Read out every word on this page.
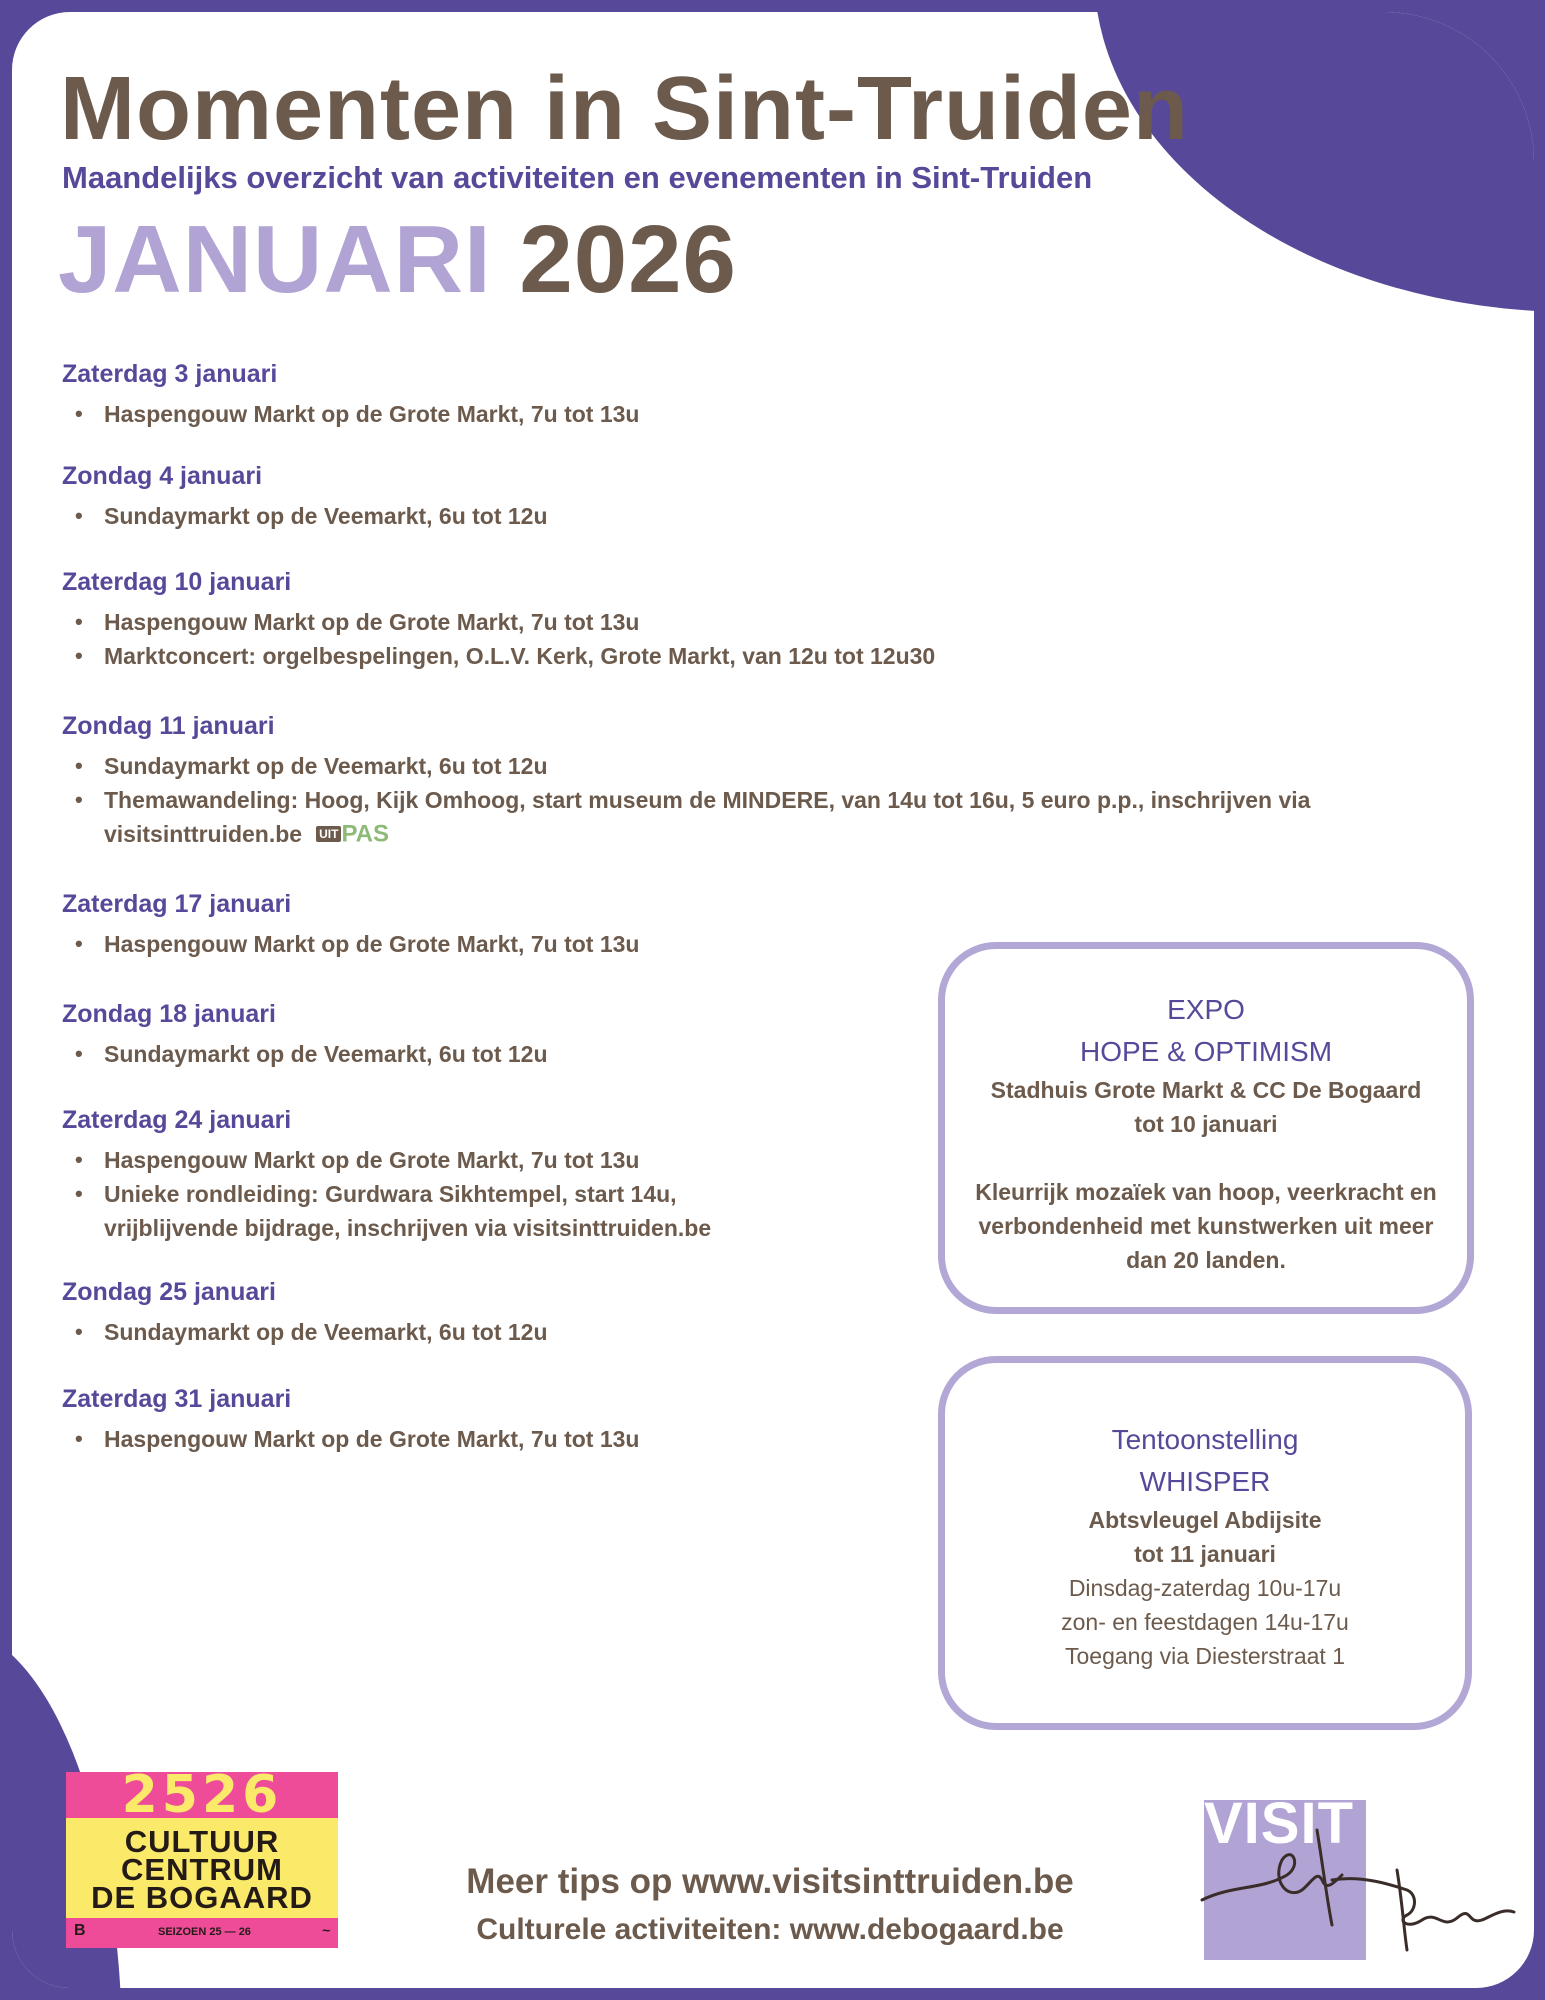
Momenten in Sint-Truiden
Maandelijks overzicht van activiteiten en evenementen in Sint-Truiden
JANUARI 2026
Zaterdag 3 januari
• Haspengouw Markt op de Grote Markt, 7u tot 13u
Zondag 4 januari
• Sundaymarkt op de Veemarkt, 6u tot 12u
Zaterdag 10 januari
• Haspengouw Markt op de Grote Markt, 7u tot 13u
• Marktconcert: orgelbespelingen, O.L.V. Kerk, Grote Markt, van 12u tot 12u30
Zondag 11 januari
• Sundaymarkt op de Veemarkt, 6u tot 12u
• Themawandeling: Hoog, Kijk Omhoog, start museum de MINDERE, van 14u tot 16u, 5 euro p.p., inschrijven via visitsinttruiden.be UIT PAS
Zaterdag 17 januari
• Haspengouw Markt op de Grote Markt, 7u tot 13u
Zondag 18 januari
• Sundaymarkt op de Veemarkt, 6u tot 12u
Zaterdag 24 januari
• Haspengouw Markt op de Grote Markt, 7u tot 13u
• Unieke rondleiding: Gurdwara Sikhtempel, start 14u, vrijblijvende bijdrage, inschrijven via visitsinttruiden.be
Zondag 25 januari
• Sundaymarkt op de Veemarkt, 6u tot 12u
Zaterdag 31 januari
• Haspengouw Markt op de Grote Markt, 7u tot 13u
EXPO
HOPE & OPTIMISM
Stadhuis Grote Markt & CC De Bogaard
tot 10 januari
Kleurrijk mozaïek van hoop, veerkracht en verbondenheid met kunstwerken uit meer dan 20 landen.
Tentoonstelling
WHISPER
Abtsvleugel Abdijsite
tot 11 januari
Dinsdag-zaterdag 10u-17u
zon- en feestdagen 14u-17u
Toegang via Diesterstraat 1
2526
CULTUUR
CENTRUM
DE BOGAARD
B	SEIZOEN 25 — 26	~
Meer tips op www.visitsinttruiden.be
Culturele activiteiten: www.debogaard.be
VISIT
